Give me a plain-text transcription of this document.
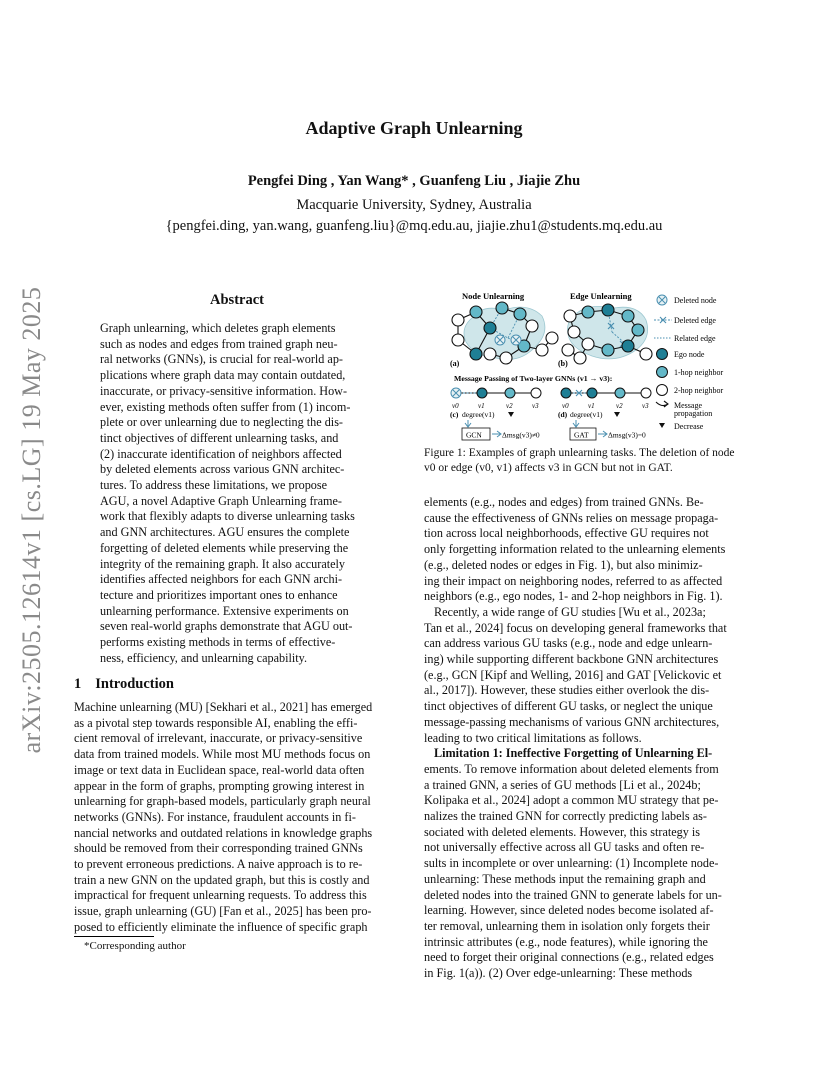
arXiv:2505.12614v1 [cs.LG] 19 May 2025
Adaptive Graph Unlearning
Pengfei Ding , Yan Wang* , Guanfeng Liu , Jiajie Zhu
Macquarie University, Sydney, Australia
{pengfei.ding, yan.wang, guanfeng.liu}@mq.edu.au, jiajie.zhu1@students.mq.edu.au
Abstract
Graph unlearning, which deletes graph elements
such as nodes and edges from trained graph neu-
ral networks (GNNs), is crucial for real-world ap-
plications where graph data may contain outdated,
inaccurate, or privacy-sensitive information. How-
ever, existing methods often suffer from (1) incom-
plete or over unlearning due to neglecting the dis-
tinct objectives of different unlearning tasks, and
(2) inaccurate identification of neighbors affected
by deleted elements across various GNN architec-
tures. To address these limitations, we propose
AGU, a novel Adaptive Graph Unlearning frame-
work that flexibly adapts to diverse unlearning tasks
and GNN architectures. AGU ensures the complete
forgetting of deleted elements while preserving the
integrity of the remaining graph. It also accurately
identifies affected neighbors for each GNN archi-
tecture and prioritizes important ones to enhance
unlearning performance. Extensive experiments on
seven real-world graphs demonstrate that AGU out-
performs existing methods in terms of effective-
ness, efficiency, and unlearning capability.
1 Introduction
Machine unlearning (MU) [Sekhari et al., 2021] has emerged
as a pivotal step towards responsible AI, enabling the effi-
cient removal of irrelevant, inaccurate, or privacy-sensitive
data from trained models. While most MU methods focus on
image or text data in Euclidean space, real-world data often
appear in the form of graphs, prompting growing interest in
unlearning for graph-based models, particularly graph neural
networks (GNNs). For instance, fraudulent accounts in fi-
nancial networks and outdated relations in knowledge graphs
should be removed from their corresponding trained GNNs
to prevent erroneous predictions. A naive approach is to re-
train a new GNN on the updated graph, but this is costly and
impractical for frequent unlearning requests. To address this
issue, graph unlearning (GU) [Fan et al., 2025] has been pro-
posed to efficiently eliminate the influence of specific graph
*Corresponding author
Node Unlearning	Edge Unlearning
(a)	(b)
Message Passing of Two-layer GNNs (v1 → v3):
v0	v1	v2	v3
(c) degree(v1)
GCN	Δmsg(v3)≠0
v0	v1	v2	v3
(d) degree(v1)
GAT	Δmsg(v3)=0
Deleted node
Deleted edge
Related edge
Ego node
1-hop neighbor
2-hop neighbor
Message
propagation
Decrease
Figure 1: Examples of graph unlearning tasks. The deletion of node
v0 or edge (v0, v1) affects v3 in GCN but not in GAT.
elements (e.g., nodes and edges) from trained GNNs. Be-
cause the effectiveness of GNNs relies on message propaga-
tion across local neighborhoods, effective GU requires not
only forgetting information related to the unlearning elements
(e.g., deleted nodes or edges in Fig. 1), but also minimiz-
ing their impact on neighboring nodes, referred to as affected
neighbors (e.g., ego nodes, 1- and 2-hop neighbors in Fig. 1).
Recently, a wide range of GU studies [Wu et al., 2023a;
Tan et al., 2024] focus on developing general frameworks that
can address various GU tasks (e.g., node and edge unlearn-
ing) while supporting different backbone GNN architectures
(e.g., GCN [Kipf and Welling, 2016] and GAT [Velickovic et
al., 2017]). However, these studies either overlook the dis-
tinct objectives of different GU tasks, or neglect the unique
message-passing mechanisms of various GNN architectures,
leading to two critical limitations as follows.
Limitation 1: Ineffective Forgetting of Unlearning El-
ements. To remove information about deleted elements from
a trained GNN, a series of GU methods [Li et al., 2024b;
Kolipaka et al., 2024] adopt a common MU strategy that pe-
nalizes the trained GNN for correctly predicting labels as-
sociated with deleted elements. However, this strategy is
not universally effective across all GU tasks and often re-
sults in incomplete or over unlearning: (1) Incomplete node-
unlearning: These methods input the remaining graph and
deleted nodes into the trained GNN to generate labels for un-
learning. However, since deleted nodes become isolated af-
ter removal, unlearning them in isolation only forgets their
intrinsic attributes (e.g., node features), while ignoring the
need to forget their original connections (e.g., related edges
in Fig. 1(a)). (2) Over edge-unlearning: These methods
